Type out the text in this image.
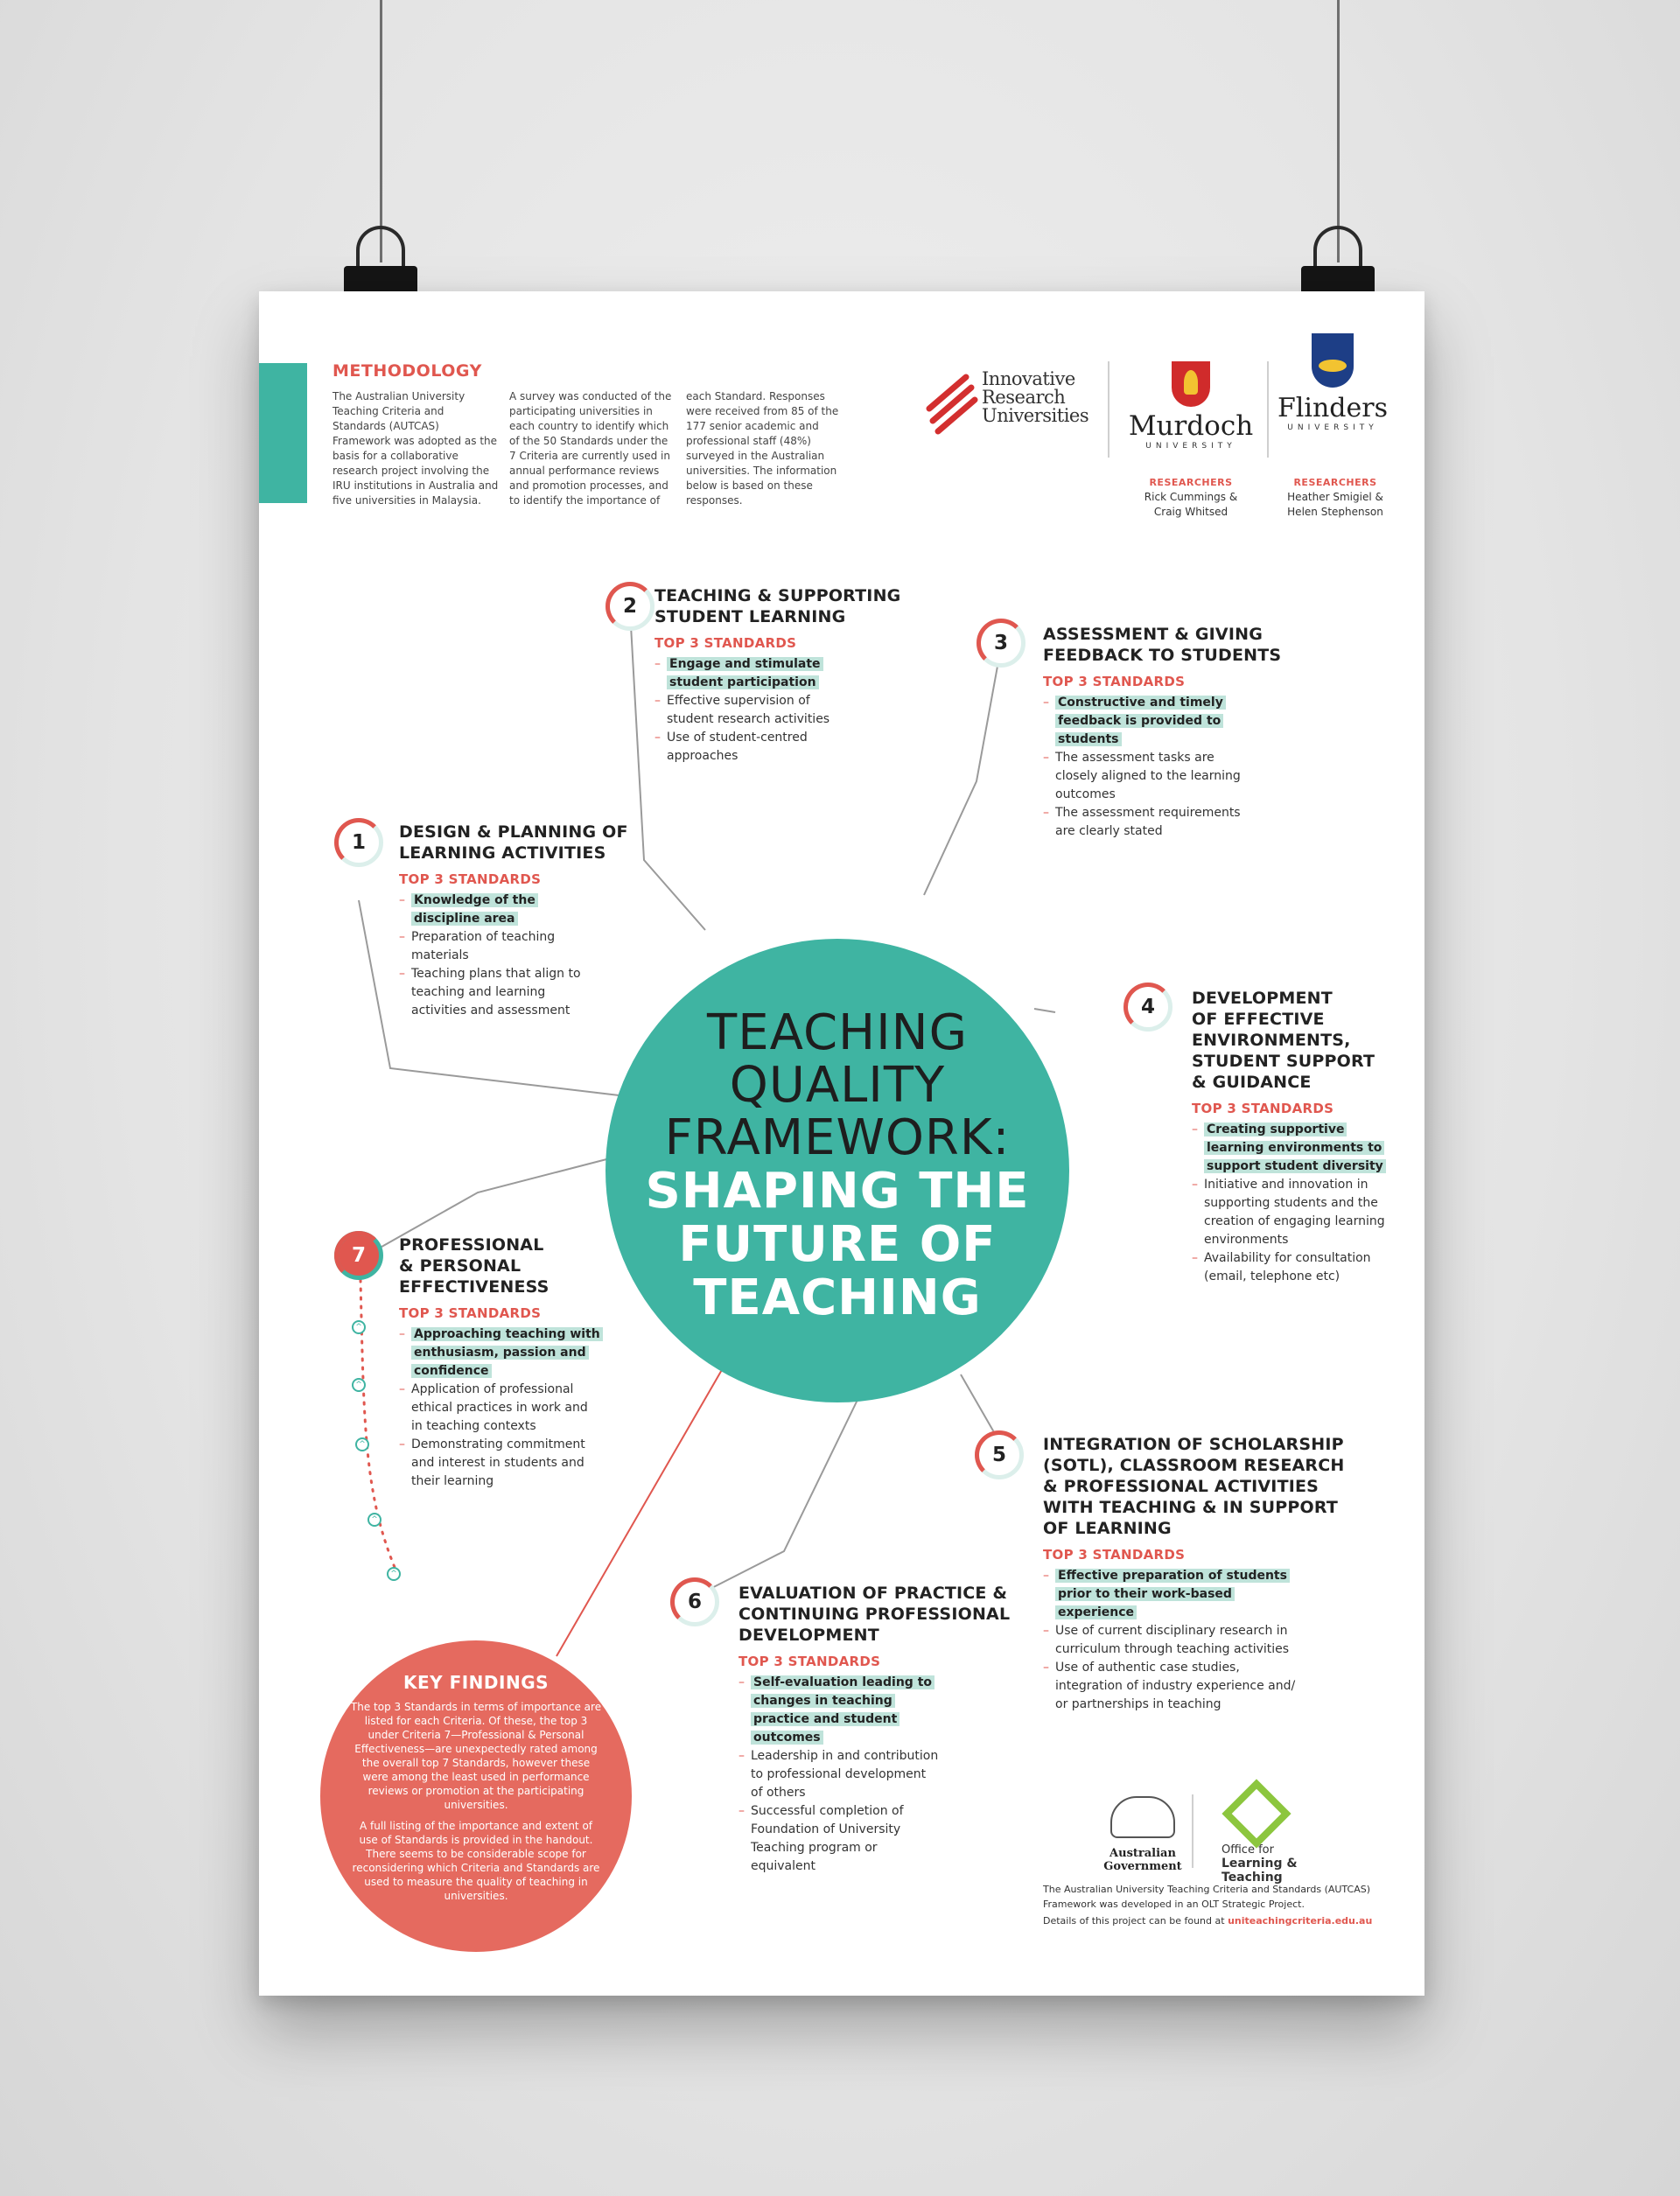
METHODOLOGY
The Australian University Teaching Criteria and Standards (AUTCAS) Framework was adopted as the basis for a collaborative research project involving the IRU institutions in Australia and five universities in Malaysia.
A survey was conducted of the participating universities in each country to identify which of the 50 Standards under the 7 Criteria are currently used in annual performance reviews and promotion processes, and to identify the importance of
each Standard. Responses were received from 85 of the 177 senior academic and professional staff (48%) surveyed in the Australian universities. The information below is based on these responses.
Innovative
Research
Universities Murdoch
UNIVERSITY
Flinders
UNIVERSITY
RESEARCHERS
Rick Cummings &
Craig Whitsed
RESEARCHERS
Heather Smigiel &
Helen Stephenson
TEACHING
QUALITY
FRAMEWORK:
SHAPING THE
FUTURE OF
TEACHING
1	DESIGN & PLANNING OF
LEARNING ACTIVITIES
TOP 3 STANDARDS
– Knowledge of the discipline area
– Preparation of teaching materials
– Teaching plans that align to teaching and learning activities and assessment
2	TEACHING & SUPPORTING
STUDENT LEARNING
TOP 3 STANDARDS
– Engage and stimulate student participation
– Effective supervision of student research activities
– Use of student-centred approaches
3	ASSESSMENT & GIVING
FEEDBACK TO STUDENTS
TOP 3 STANDARDS
– Constructive and timely feedback is provided to students
– The assessment tasks are closely aligned to the learning outcomes
– The assessment requirements are clearly stated
4	DEVELOPMENT
OF EFFECTIVE
ENVIRONMENTS,
STUDENT SUPPORT
& GUIDANCE
TOP 3 STANDARDS
– Creating supportive learning environments to support student diversity
– Initiative and innovation in supporting students and the creation of engaging learning environments
– Availability for consultation (email, telephone etc)
5	INTEGRATION OF SCHOLARSHIP
(SOTL), CLASSROOM RESEARCH
& PROFESSIONAL ACTIVITIES
WITH TEACHING & IN SUPPORT
OF LEARNING
TOP 3 STANDARDS
– Effective preparation of students prior to their work-based experience
– Use of current disciplinary research in curriculum through teaching activities
– Use of authentic case studies, integration of industry experience and/ or partnerships in teaching
6	EVALUATION OF PRACTICE &
CONTINUING PROFESSIONAL
DEVELOPMENT
TOP 3 STANDARDS
– Self-evaluation leading to changes in teaching practice and student outcomes
– Leadership in and contribution to professional development of others
– Successful completion of Foundation of University Teaching program or equivalent
7	PROFESSIONAL
& PERSONAL
EFFECTIVENESS
TOP 3 STANDARDS
– Approaching teaching with enthusiasm, passion and confidence
– Application of professional ethical practices in work and in teaching contexts
– Demonstrating commitment and interest in students and their learning
^
^
^
^
^
KEY FINDINGS
The top 3 Standards in terms of importance are listed for each Criteria. Of these, the top 3 under Criteria 7—Professional & Personal Effectiveness—are unexpectedly rated among the overall top 7 Standards, however these were among the least used in performance reviews or promotion at the participating universities.
A full listing of the importance and extent of use of Standards is provided in the handout. There seems to be considerable scope for reconsidering which Criteria and Standards are used to measure the quality of teaching in universities.
Australian Government
Office for
Learning & Teaching
The Australian University Teaching Criteria and Standards (AUTCAS) Framework was developed in an OLT Strategic Project.
Details of this project can be found at uniteachingcriteria.edu.au
